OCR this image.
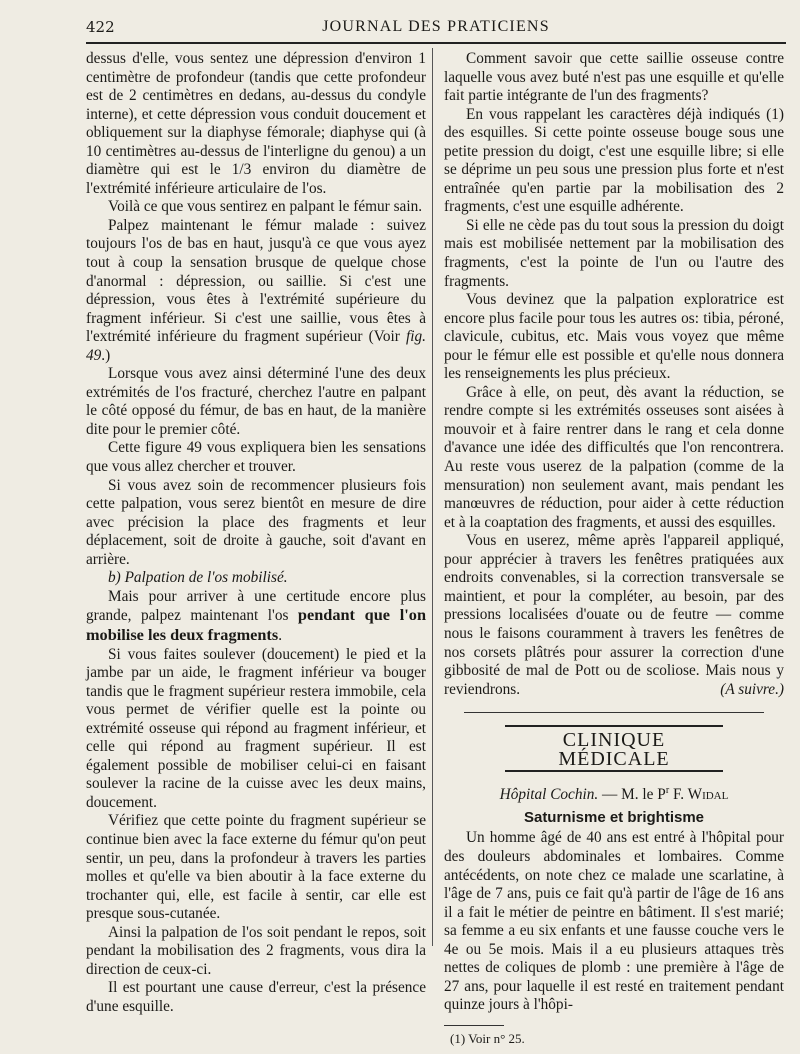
422	JOURNAL DES PRATICIENS

dessus d'elle, vous sentez une dépression d'environ 1 centimètre de profondeur (tandis que cette profondeur est de 2 centimètres en dedans, au-dessus du condyle interne), et cette dépression vous conduit doucement et obliquement sur la diaphyse fémorale; diaphyse qui (à 10 centimètres au-dessus de l'interligne du genou) a un diamètre qui est le 1/3 environ du diamètre de l'extrémité inférieure articulaire de l'os.

Voilà ce que vous sentirez en palpant le fémur sain.

Palpez maintenant le fémur malade : suivez toujours l'os de bas en haut, jusqu'à ce que vous ayez tout à coup la sensation brusque de quelque chose d'anormal : dépression, ou saillie. Si c'est une dépression, vous êtes à l'extrémité supérieure du fragment inférieur. Si c'est une saillie, vous êtes à l'extrémité inférieure du fragment supérieur (Voir fig. 49.)

Lorsque vous avez ainsi déterminé l'une des deux extrémités de l'os fracturé, cherchez l'autre en palpant le côté opposé du fémur, de bas en haut, de la manière dite pour le premier côté.

Cette figure 49 vous expliquera bien les sensations que vous allez chercher et trouver.

Si vous avez soin de recommencer plusieurs fois cette palpation, vous serez bientôt en mesure de dire avec précision la place des fragments et leur déplacement, soit de droite à gauche, soit d'avant en arrière.

b) Palpation de l'os mobilisé.

Mais pour arriver à une certitude encore plus grande, palpez maintenant l'os pendant que l'on mobilise les deux fragments.

Si vous faites soulever (doucement) le pied et la jambe par un aide, le fragment inférieur va bouger tandis que le fragment supérieur restera immobile, cela vous permet de vérifier quelle est la pointe ou extrémité osseuse qui répond au fragment inférieur, et celle qui répond au fragment supérieur. Il est également possible de mobiliser celui-ci en faisant soulever la racine de la cuisse avec les deux mains, doucement.

Vérifiez que cette pointe du fragment supérieur se continue bien avec la face externe du fémur qu'on peut sentir, un peu, dans la profondeur à travers les parties molles et qu'elle va bien aboutir à la face externe du trochanter qui, elle, est facile à sentir, car elle est presque sous-cutanée.

Ainsi la palpation de l'os soit pendant le repos, soit pendant la mobilisation des 2 fragments, vous dira la direction de ceux-ci.

Il est pourtant une cause d'erreur, c'est la présence d'une esquille.

Comment savoir que cette saillie osseuse contre laquelle vous avez buté n'est pas une esquille et qu'elle fait partie intégrante de l'un des fragments?

En vous rappelant les caractères déjà indiqués (1) des esquilles. Si cette pointe osseuse bouge sous une petite pression du doigt, c'est une esquille libre; si elle se déprime un peu sous une pression plus forte et n'est entraînée qu'en partie par la mobilisation des 2 fragments, c'est une esquille adhérente.

Si elle ne cède pas du tout sous la pression du doigt mais est mobilisée nettement par la mobilisation des fragments, c'est la pointe de l'un ou l'autre des fragments.

Vous devinez que la palpation exploratrice est encore plus facile pour tous les autres os: tibia, péroné, clavicule, cubitus, etc. Mais vous voyez que même pour le fémur elle est possible et qu'elle nous donnera les renseignements les plus précieux.

Grâce à elle, on peut, dès avant la réduction, se rendre compte si les extrémités osseuses sont aisées à mouvoir et à faire rentrer dans le rang et cela donne d'avance une idée des difficultés que l'on rencontrera. Au reste vous userez de la palpation (comme de la mensuration) non seulement avant, mais pendant les manœuvres de réduction, pour aider à cette réduction et à la coaptation des fragments, et aussi des esquilles.

Vous en userez, même après l'appareil appliqué, pour apprécier à travers les fenêtres pratiquées aux endroits convenables, si la correction transversale se maintient, et pour la compléter, au besoin, par des pressions localisées d'ouate ou de feutre — comme nous le faisons couramment à travers les fenêtres de nos corsets plâtrés pour assurer la correction d'une gibbosité de mal de Pott ou de scoliose. Mais nous y reviendrons.	(A suivre.)

CLINIQUE MÉDICALE
Hôpital Cochin. — M. le $P^r$ F. Widal
Saturnisme et brightisme

Un homme âgé de 40 ans est entré à l'hôpital pour des douleurs abdominales et lombaires. Comme antécédents, on note chez ce malade une scarlatine, à l'âge de 7 ans, puis ce fait qu'à partir de l'âge de 16 ans il a fait le métier de peintre en bâtiment. Il s'est marié; sa femme a eu six enfants et une fausse couche vers le 4e ou 5e mois. Mais il a eu plusieurs attaques très nettes de coliques de plomb : une première à l'âge de 27 ans, pour laquelle il est resté en traitement pendant quinze jours à l'hôpi-

(1) Voir n° 25.
